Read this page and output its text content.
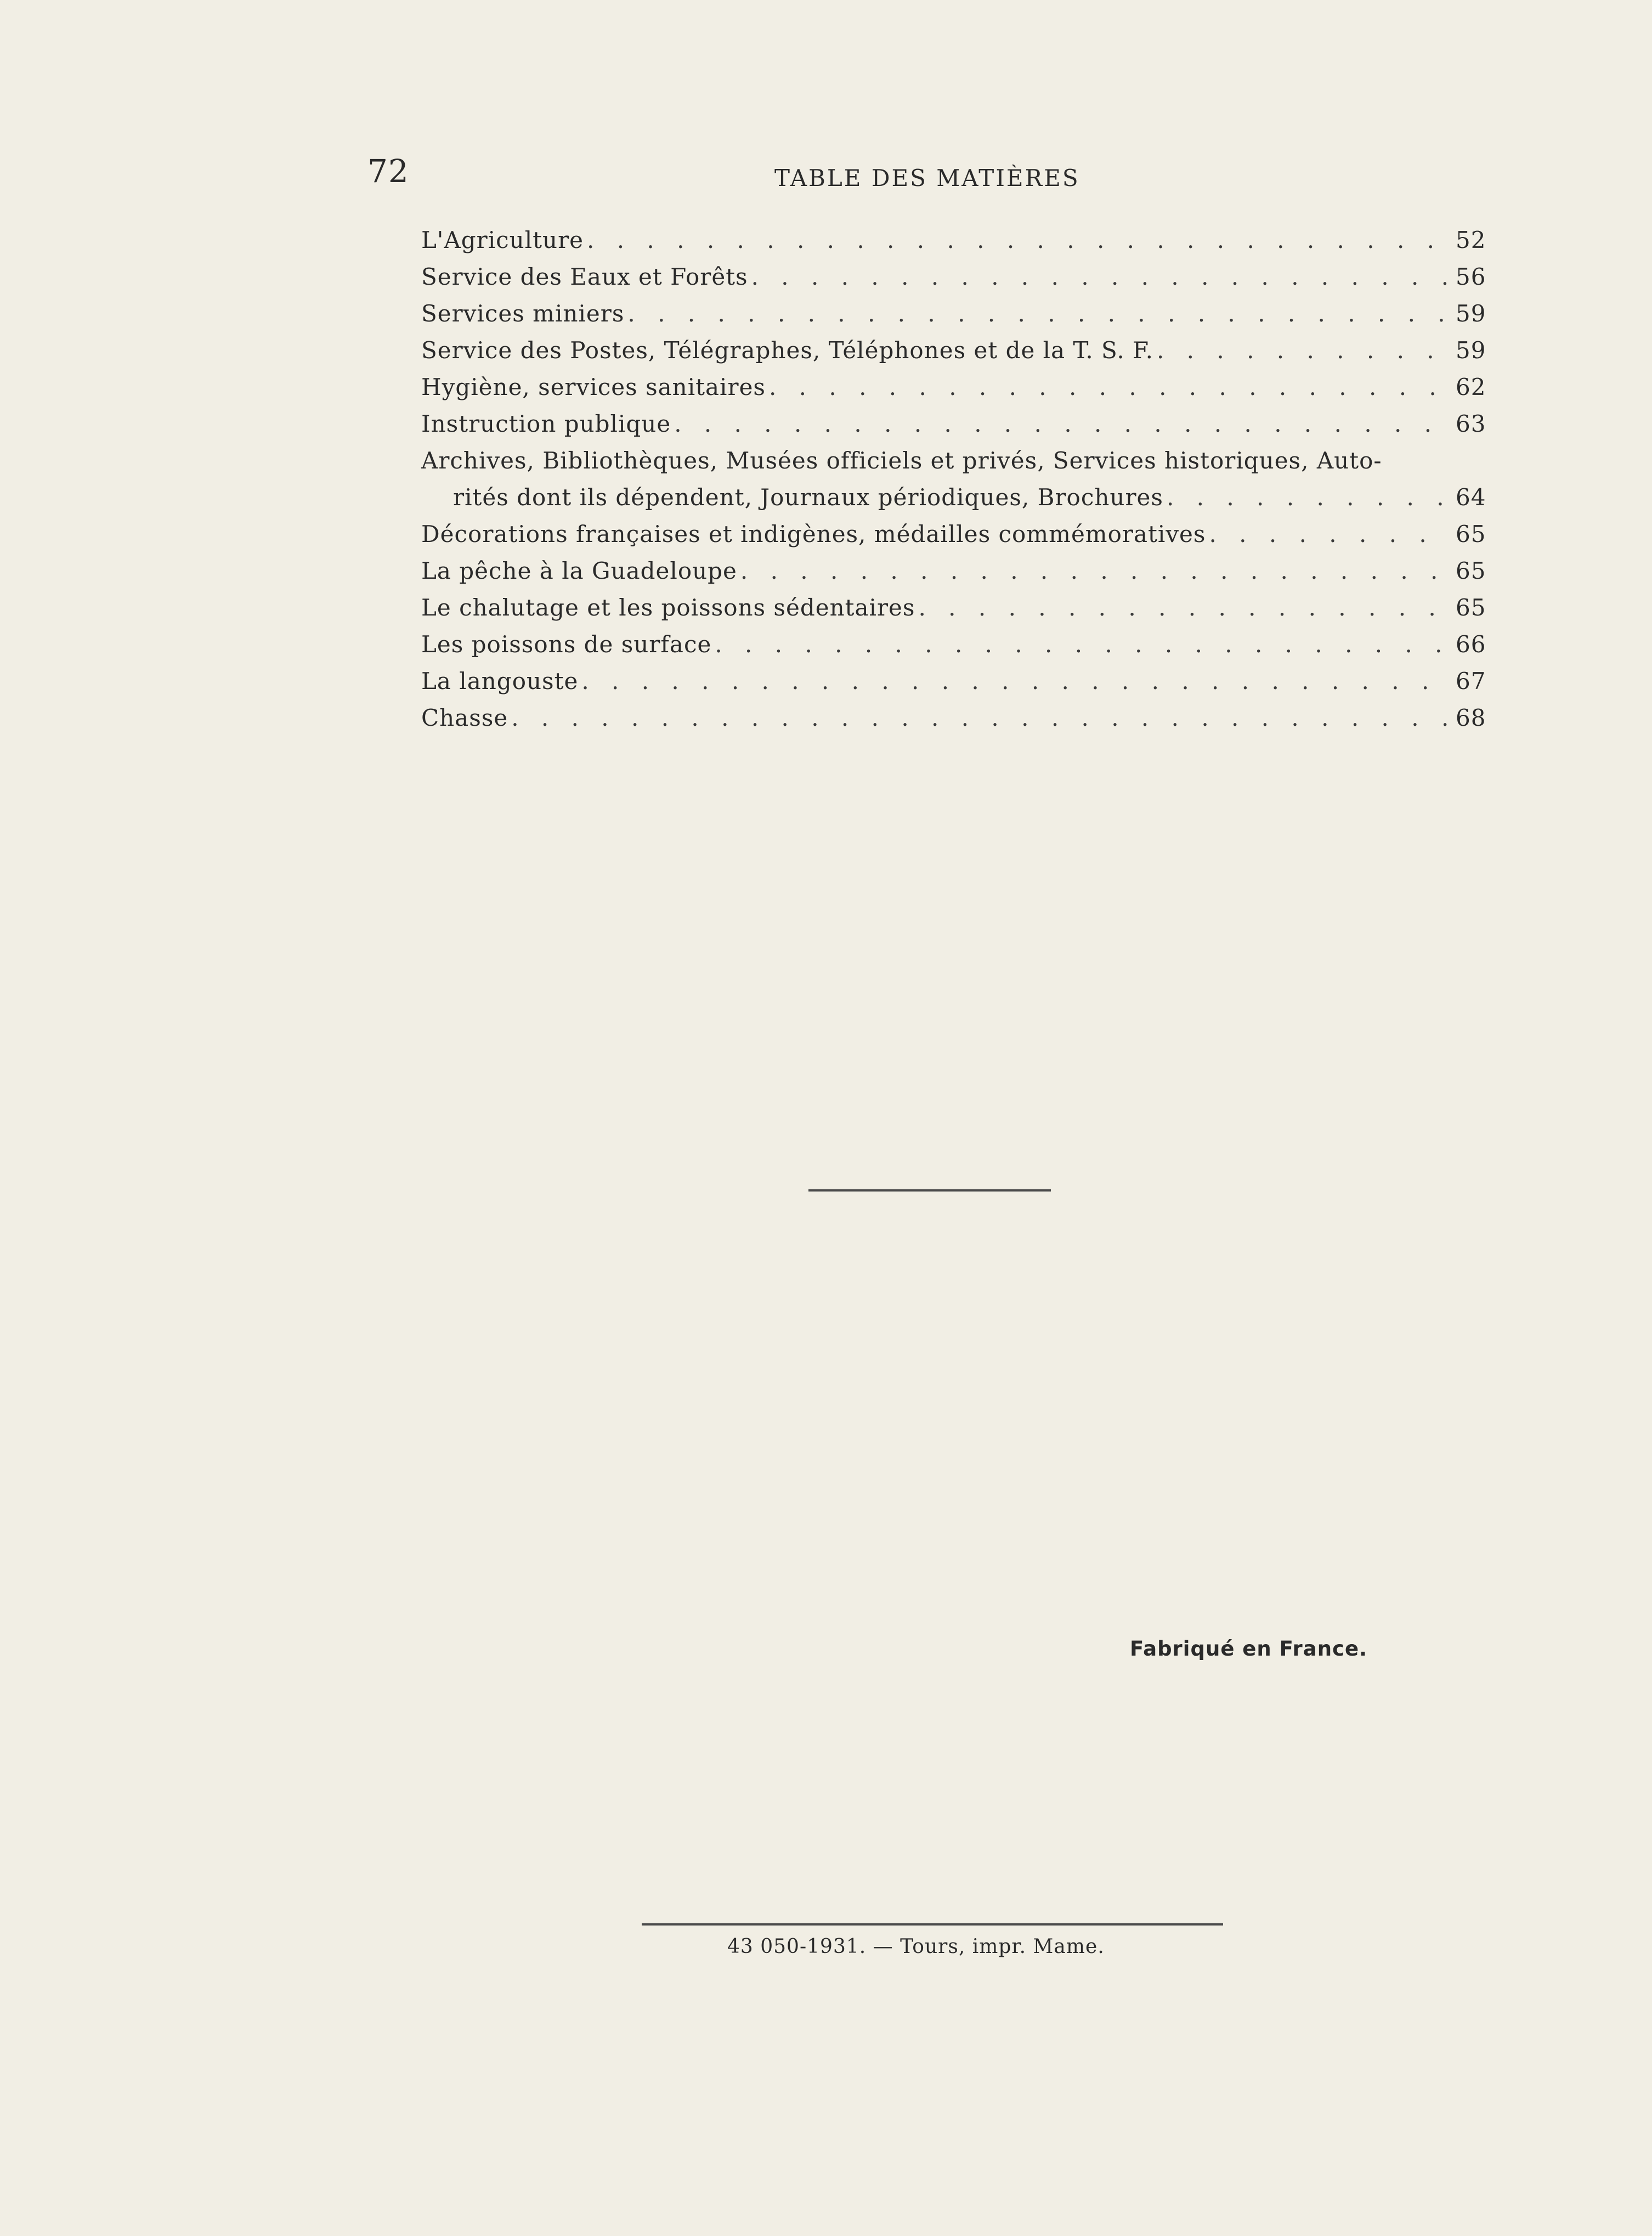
72	TABLE DES MATIÈRES
L'Agriculture . . .	52
Service des Eaux et Forêts . . .	56
Services miniers . . .	59
Service des Postes, Télégraphes, Téléphones et de la T. S. F. . . .	59
Hygiène, services sanitaires . . .	62
Instruction publique . . .	63
Archives, Bibliothèques, Musées officiels et privés, Services historiques, Auto-
rités dont ils dépendent, Journaux périodiques, Brochures . . .	64
Décorations françaises et indigènes, médailles commémoratives . . .	65
La pêche à la Guadeloupe . . .	65
Le chalutage et les poissons sédentaires . . .	65
Les poissons de surface . . .	66
La langouste . . .	67
Chasse . . .	68
Fabriqué en France.
43 050-1931. — Tours, impr. Mame.
